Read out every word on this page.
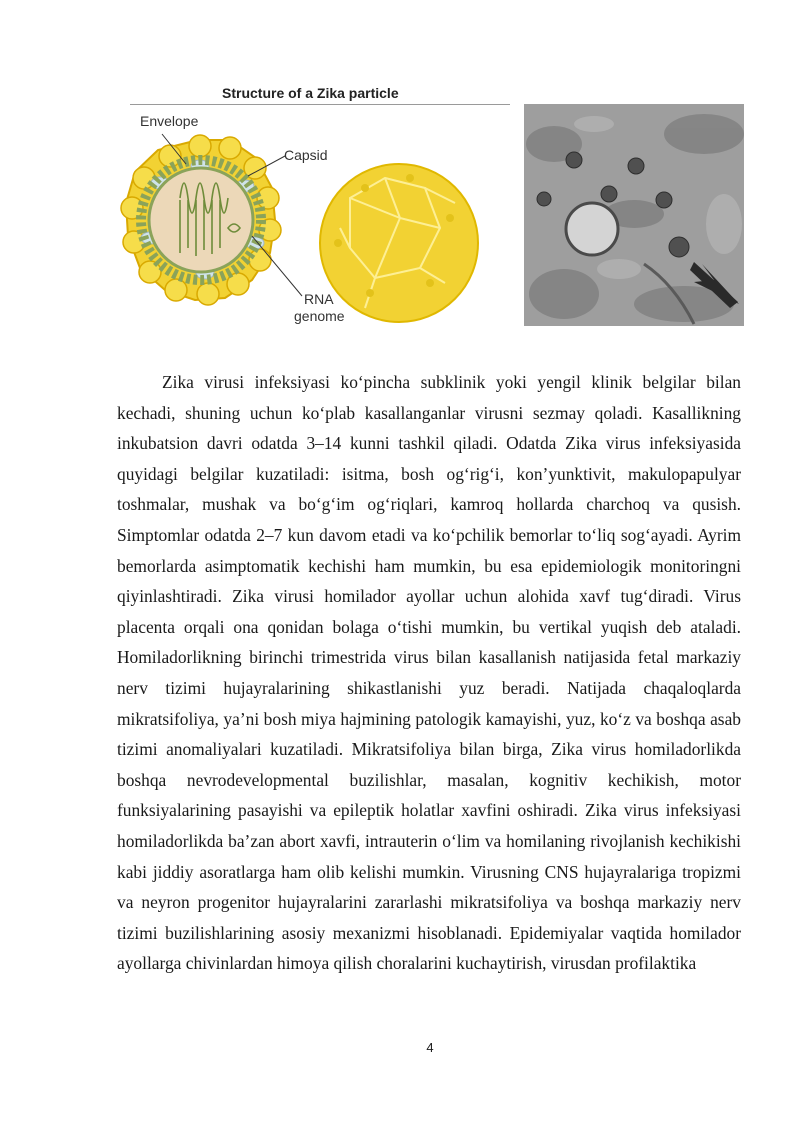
Structure of a Zika particle
Envelope
Capsid
RNA
genome

Zika virusi infeksiyasi ko‘pincha subklinik yoki yengil klinik belgilar bilan kechadi, shuning uchun ko‘plab kasallanganlar virusni sezmay qoladi. Kasallikning inkubatsion davri odatda 3–14 kunni tashkil qiladi. Odatda Zika virus infeksiyasida quyidagi belgilar kuzatiladi: isitma, bosh og‘rig‘i, kon’yunktivit, makulopapulyar toshmalar, mushak va bo‘g‘im og‘riqlari, kamroq hollarda charchoq va qusish. Simptomlar odatda 2–7 kun davom etadi va ko‘pchilik bemorlar to‘liq sog‘ayadi. Ayrim bemorlarda asimptomatik kechishi ham mumkin, bu esa epidemiologik monitoringni qiyinlashtiradi. Zika virusi homilador ayollar uchun alohida xavf tug‘diradi. Virus placenta orqali ona qonidan bolaga o‘tishi mumkin, bu vertikal yuqish deb ataladi. Homiladorlikning birinchi trimestrida virus bilan kasallanish natijasida fetal markaziy nerv tizimi hujayralarining shikastlanishi yuz beradi. Natijada chaqaloqlarda mikratsifoliya, ya’ni bosh miya hajmining patologik kamayishi, yuz, ko‘z va boshqa asab tizimi anomaliyalari kuzatiladi. Mikratsifoliya bilan birga, Zika virus homiladorlikda boshqa nevrodevelopmental buzilishlar, masalan, kognitiv kechikish, motor funksiyalarining pasayishi va epileptik holatlar xavfini oshiradi. Zika virus infeksiyasi homiladorlikda ba’zan abort xavfi, intrauterin o‘lim va homilaning rivojlanish kechikishi kabi jiddiy asoratlarga ham olib kelishi mumkin. Virusning CNS hujayralariga tropizmi va neyron progenitor hujayralarini zararlashi mikratsifoliya va boshqa markaziy nerv tizimi buzilishlarining asosiy mexanizmi hisoblanadi. Epidemiyalar vaqtida homilador ayollarga chivinlardan himoya qilish choralarini kuchaytirish, virusdan profilaktika

4
